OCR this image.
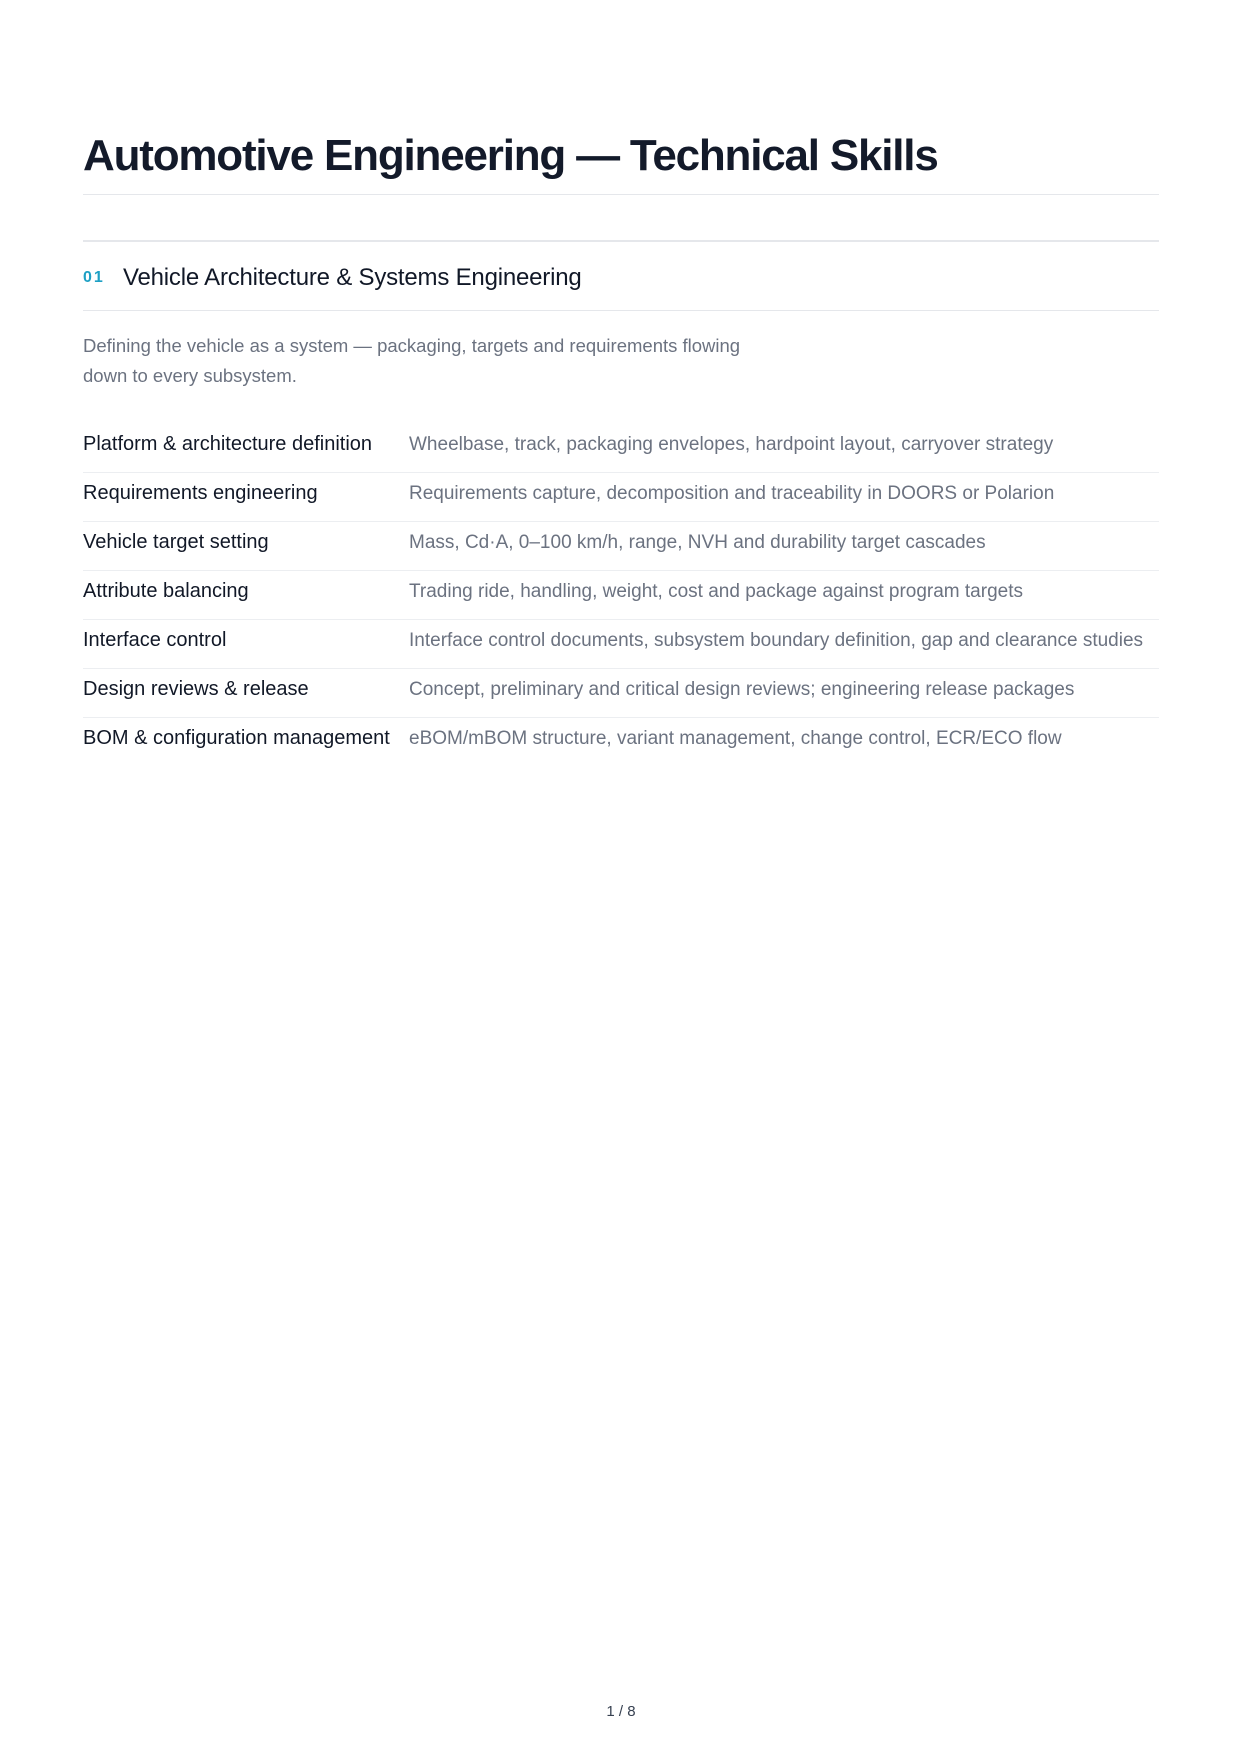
Automotive Engineering — Technical Skills
01 Vehicle Architecture & Systems Engineering

Defining the vehicle as a system — packaging, targets and requirements flowing down to every subsystem.

Platform & architecture definition	Wheelbase, track, packaging envelopes, hardpoint layout, carryover strategy
Requirements engineering	Requirements capture, decomposition and traceability in DOORS or Polarion
Vehicle target setting	Mass, Cd·A, 0–100 km/h, range, NVH and durability target cascades
Attribute balancing	Trading ride, handling, weight, cost and package against program targets
Interface control	Interface control documents, subsystem boundary definition, gap and clearance studies
Design reviews & release	Concept, preliminary and critical design reviews; engineering release packages
BOM & configuration management	eBOM/mBOM structure, variant management, change control, ECR/ECO flow
1 / 8
